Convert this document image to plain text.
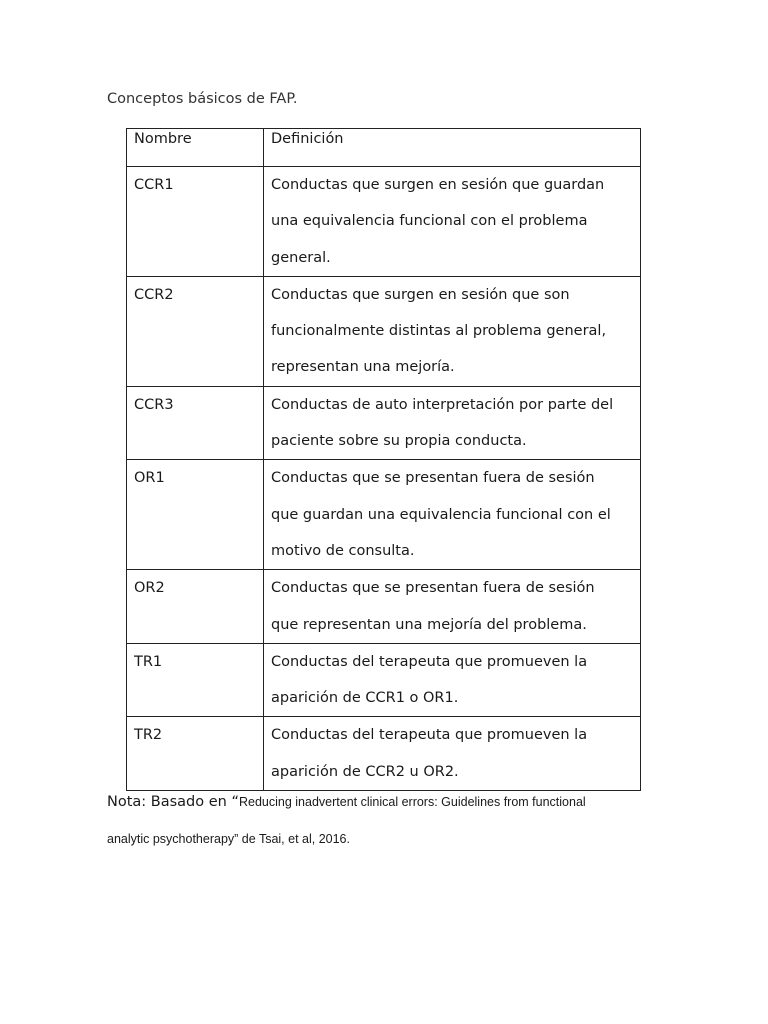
Conceptos básicos de FAP.
Nombre	Definición
CCR1	Conductas que surgen en sesión que guardan
una equivalencia funcional con el problema
general.

CCR2	Conductas que surgen en sesión que son
funcionalmente distintas al problema general,
representan una mejoría.

CCR3	Conductas de auto interpretación por parte del
paciente sobre su propia conducta.

OR1	Conductas que se presentan fuera de sesión
que guardan una equivalencia funcional con el
motivo de consulta.

OR2	Conductas que se presentan fuera de sesión
que representan una mejoría del problema.

TR1	Conductas del terapeuta que promueven la
aparición de CCR1 o OR1.

TR2	Conductas del terapeuta que promueven la
aparición de CCR2 u OR2.
Nota: Basado en “Reducing inadvertent clinical errors: Guidelines from functional
analytic psychotherapy” de Tsai, et al, 2016.
